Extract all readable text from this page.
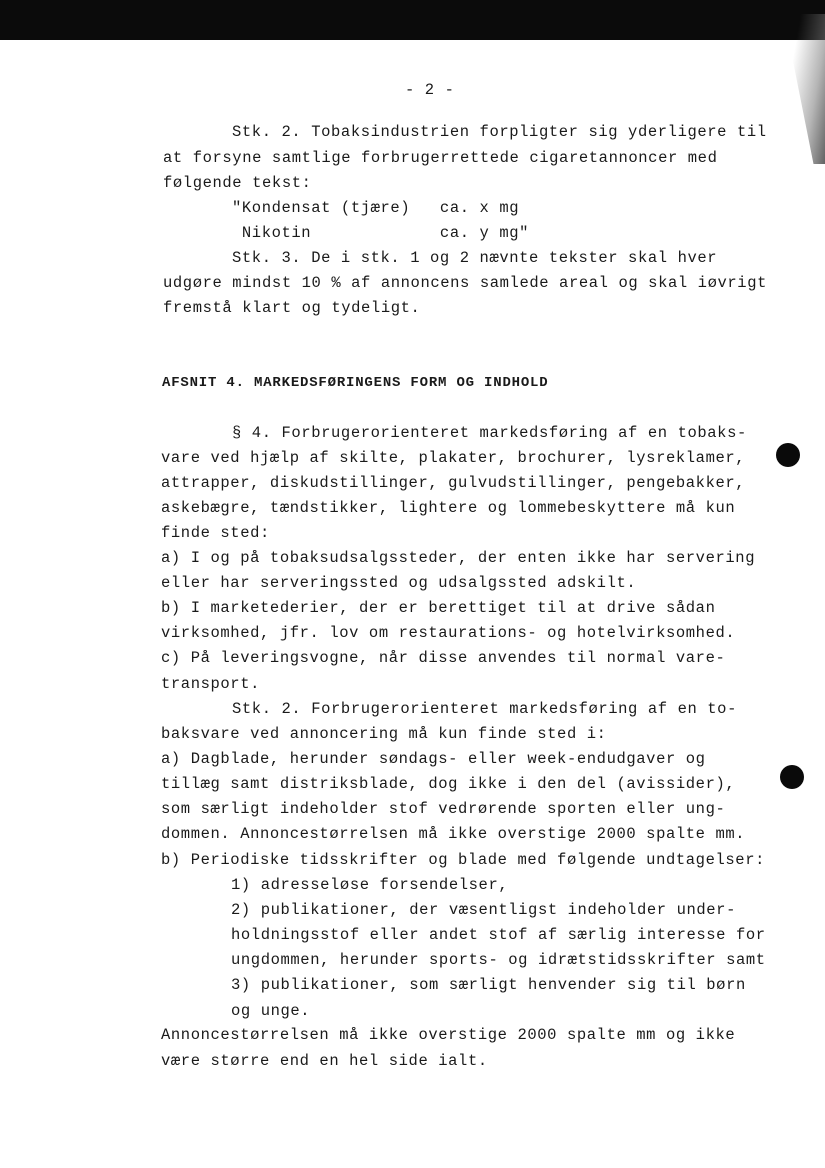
- 2 -
Stk. 2. Tobaksindustrien forpligter sig yderligere til
at forsyne samtlige forbrugerrettede cigaretannoncer med
følgende tekst:
"Kondensat (tjære)   ca. x mg
Nikotin             ca. y mg"
Stk. 3. De i stk. 1 og 2 nævnte tekster skal hver
udgøre mindst 10 % af annoncens samlede areal og skal iøvrigt
fremstå klart og tydeligt.
AFSNIT 4. MARKEDSFØRINGENS FORM OG INDHOLD
§ 4. Forbrugerorienteret markedsføring af en tobaks-
vare ved hjælp af skilte, plakater, brochurer, lysreklamer,
attrapper, diskudstillinger, gulvudstillinger, pengebakker,
askebægre, tændstikker, lightere og lommebeskyttere må kun
finde sted:
a) I og på tobaksudsalgssteder, der enten ikke har servering
eller har serveringssted og udsalgssted adskilt.
b) I marketederier, der er berettiget til at drive sådan
virksomhed, jfr. lov om restaurations- og hotelvirksomhed.
c) På leveringsvogne, når disse anvendes til normal vare-
transport.
Stk. 2. Forbrugerorienteret markedsføring af en to-
baksvare ved annoncering må kun finde sted i:
a) Dagblade, herunder søndags- eller week-endudgaver og
tillæg samt distriksblade, dog ikke i den del (avissider),
som særligt indeholder stof vedrørende sporten eller ung-
dommen. Annoncestørrelsen må ikke overstige 2000 spalte mm.
b) Periodiske tidsskrifter og blade med følgende undtagelser:
1) adresseløse forsendelser,
2) publikationer, der væsentligst indeholder under-
holdningsstof eller andet stof af særlig interesse for
ungdommen, herunder sports- og idrætstidsskrifter samt
3) publikationer, som særligt henvender sig til børn
og unge.
Annoncestørrelsen må ikke overstige 2000 spalte mm og ikke
være større end en hel side ialt.
